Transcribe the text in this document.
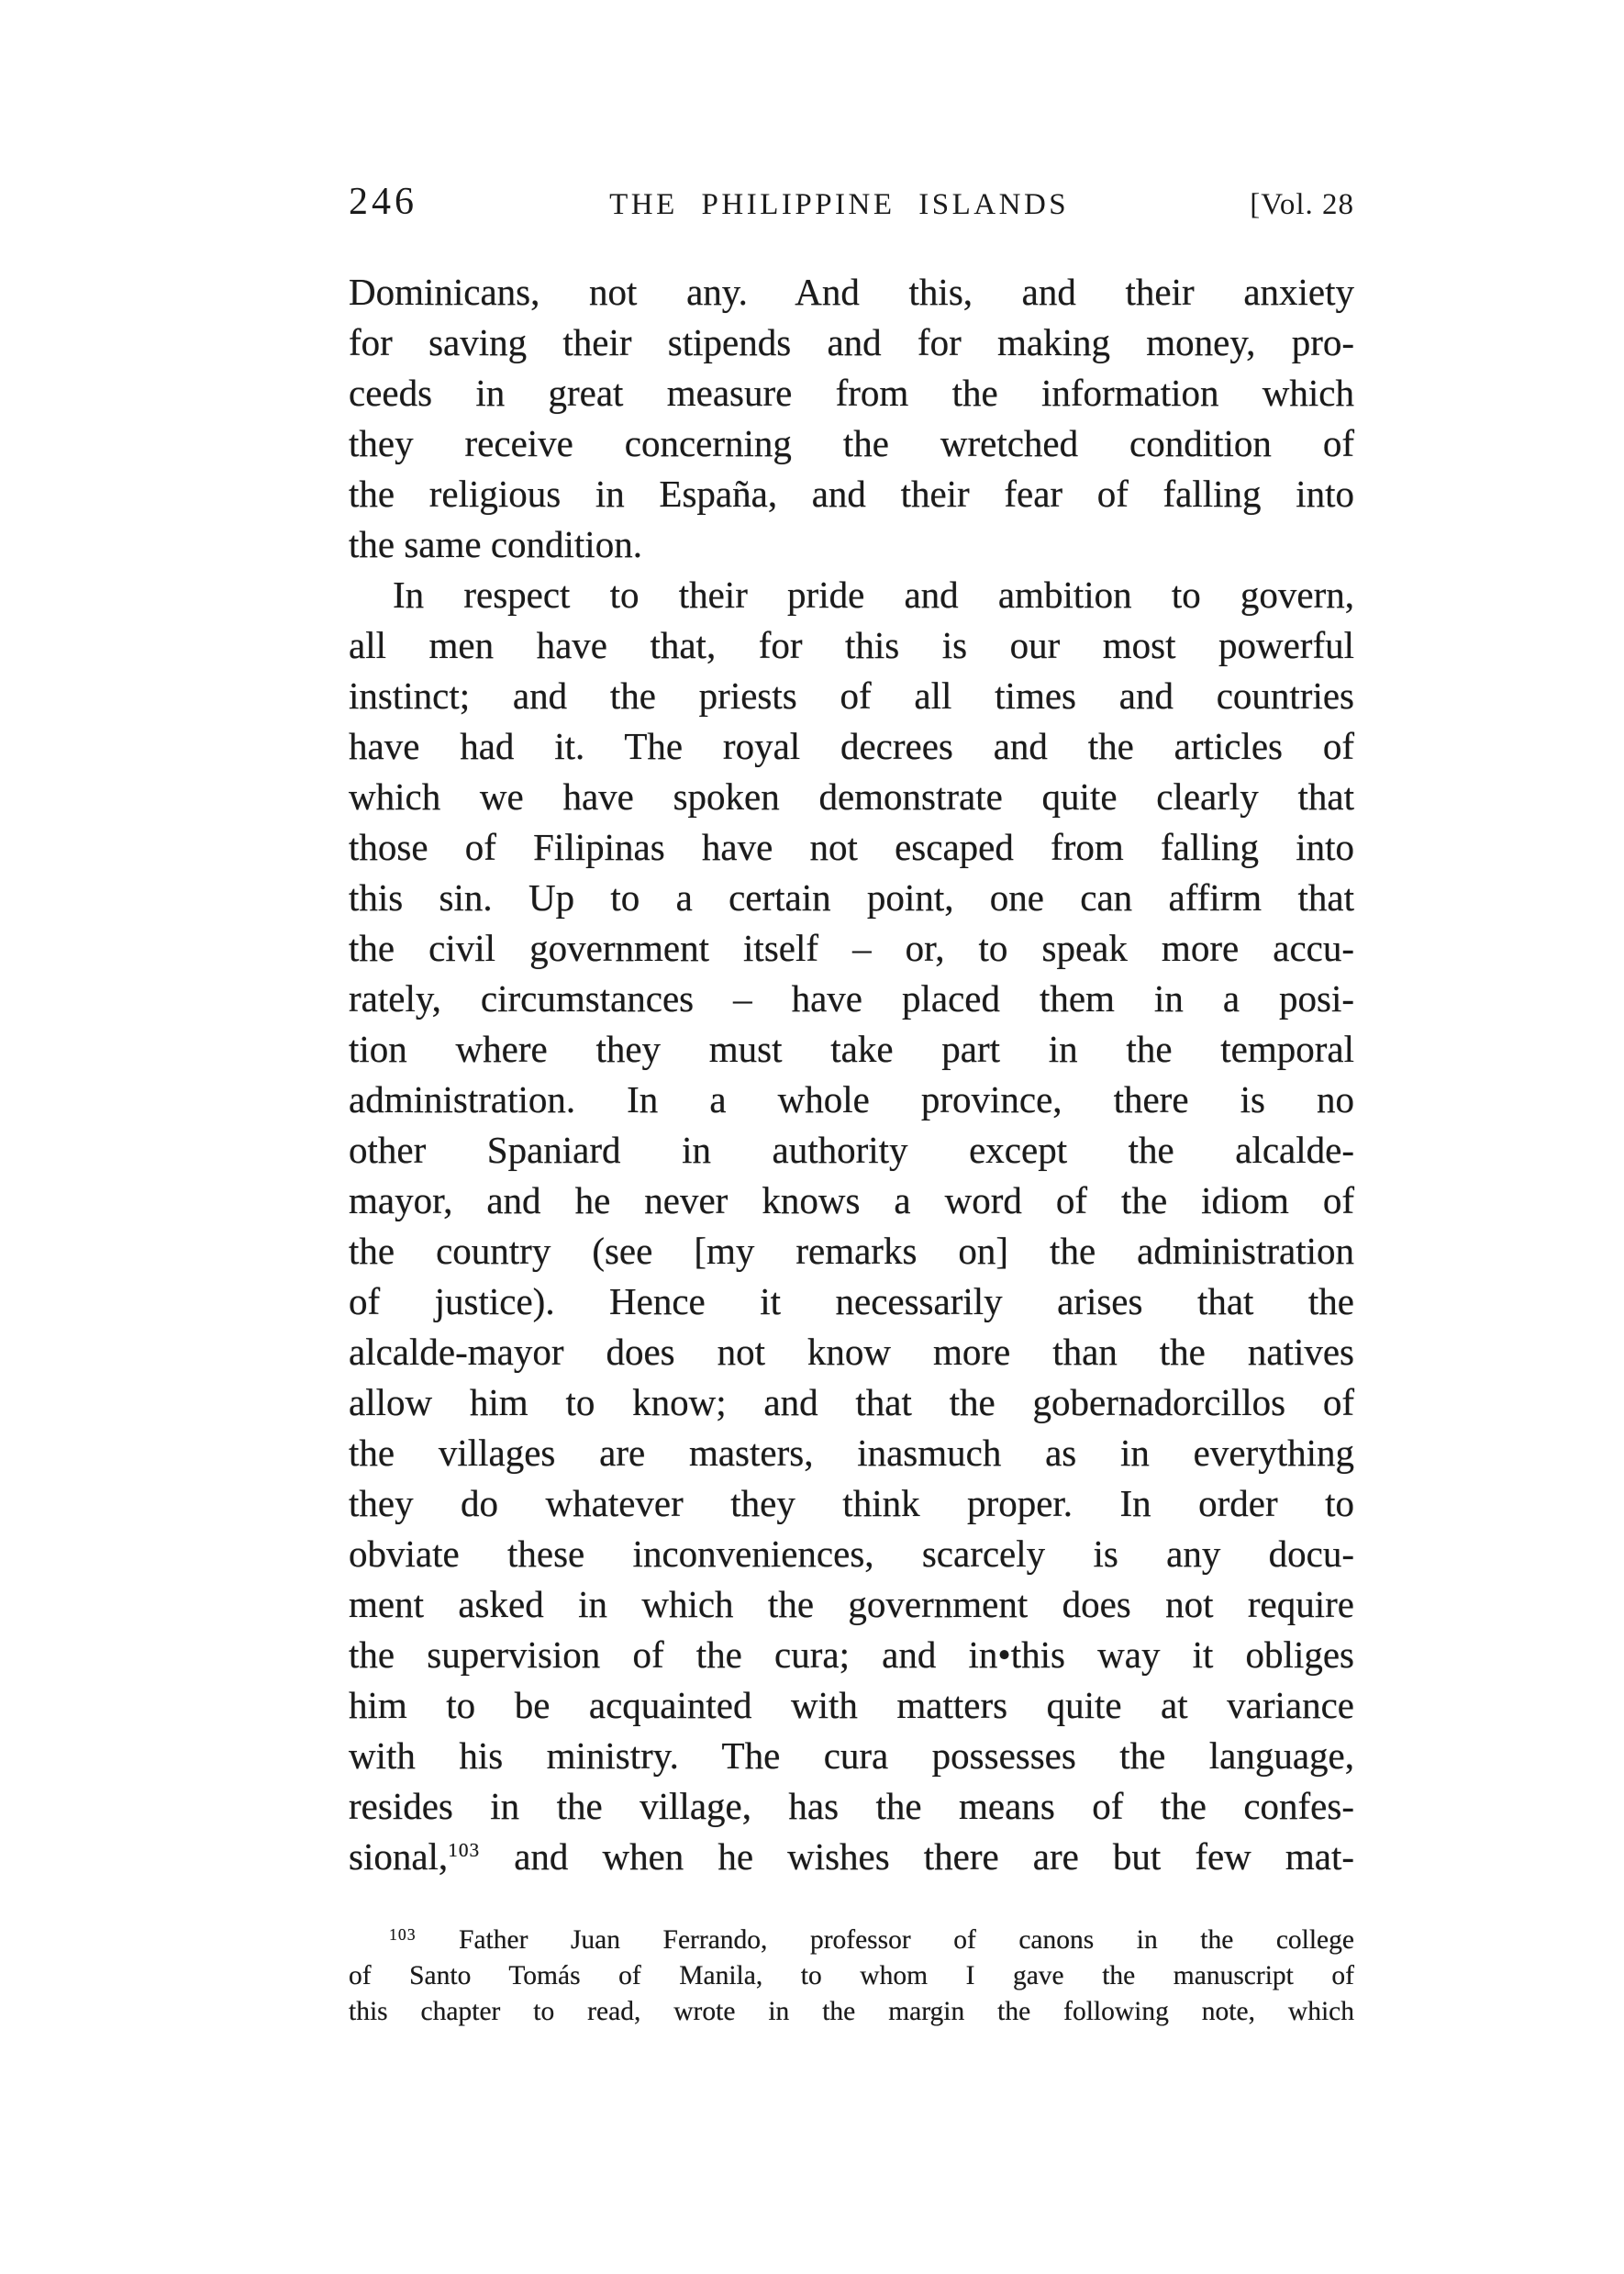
246	THE PHILIPPINE ISLANDS	[Vol. 28
Dominicans, not any. And this, and their anxiety
for saving their stipends and for making money, pro-
ceeds in great measure from the information which
they receive concerning the wretched condition of
the religious in España, and their fear of falling into
the same condition.
In respect to their pride and ambition to govern,
all men have that, for this is our most powerful
instinct; and the priests of all times and countries
have had it. The royal decrees and the articles of
which we have spoken demonstrate quite clearly that
those of Filipinas have not escaped from falling into
this sin. Up to a certain point, one can affirm that
the civil government itself – or, to speak more accu-
rately, circumstances – have placed them in a posi-
tion where they must take part in the temporal
administration. In a whole province, there is no
other Spaniard in authority except the alcalde-
mayor, and he never knows a word of the idiom of
the country (see [my remarks on] the administration
of justice). Hence it necessarily arises that the
alcalde-mayor does not know more than the natives
allow him to know; and that the gobernadorcillos of
the villages are masters, inasmuch as in everything
they do whatever they think proper. In order to
obviate these inconveniences, scarcely is any docu-
ment asked in which the government does not require
the supervision of the cura; and in•this way it obliges
him to be acquainted with matters quite at variance
with his ministry. The cura possesses the language,
resides in the village, has the means of the confes-
sional,$^{103}$ and when he wishes there are but few mat-
$^{103}$ Father Juan Ferrando, professor of canons in the college
of Santo Tomás of Manila, to whom I gave the manuscript of
this chapter to read, wrote in the margin the following note, which
